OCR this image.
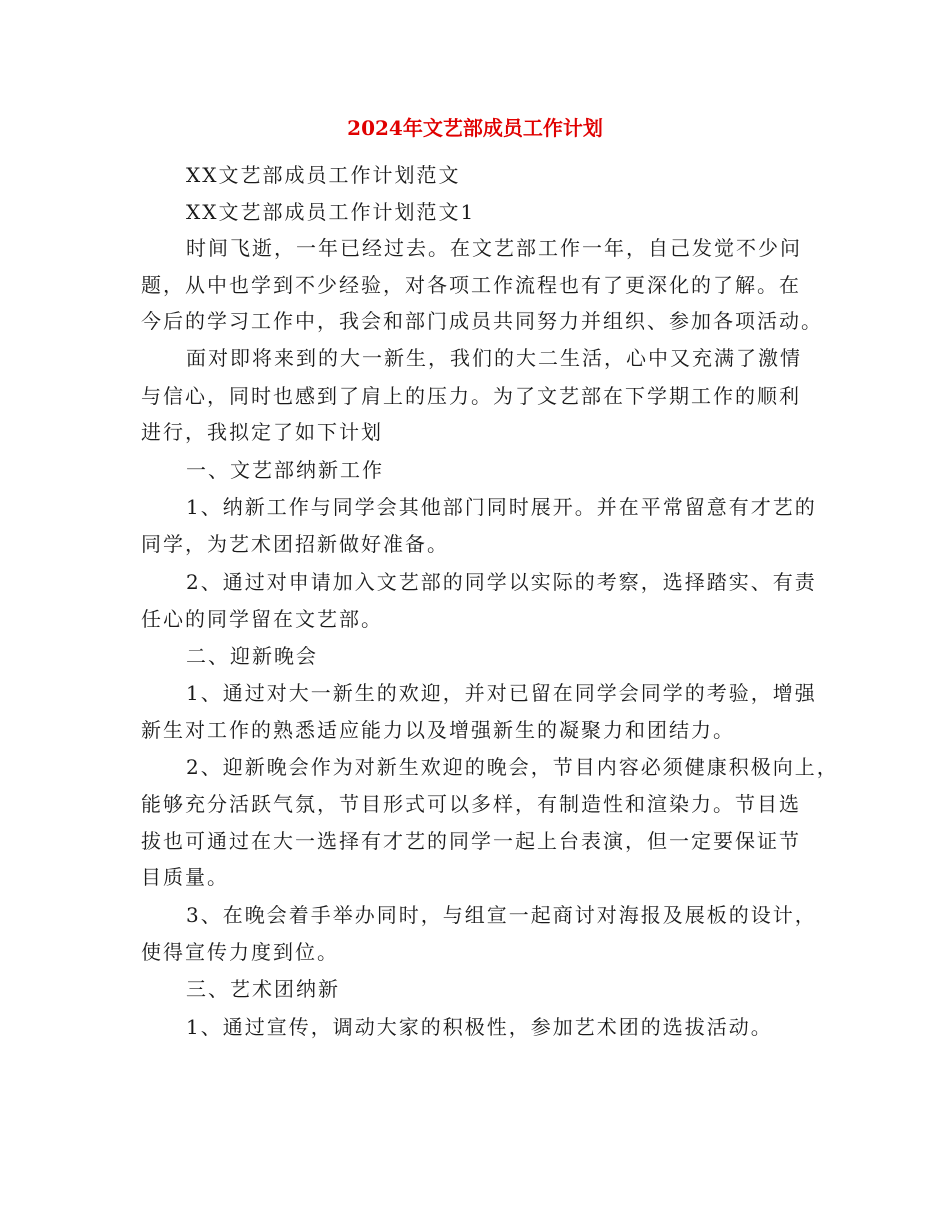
2024年文艺部成员工作计划

XX文艺部成员工作计划范文

XX文艺部成员工作计划范文1

时间飞逝，一年已经过去。在文艺部工作一年，自己发觉不少问

题，从中也学到不少经验，对各项工作流程也有了更深化的了解。在

今后的学习工作中，我会和部门成员共同努力并组织、参加各项活动。

面对即将来到的大一新生，我们的大二生活，心中又充满了激情

与信心，同时也感到了肩上的压力。为了文艺部在下学期工作的顺利

进行，我拟定了如下计划

一、文艺部纳新工作

1、纳新工作与同学会其他部门同时展开。并在平常留意有才艺的

同学，为艺术团招新做好准备。

2、通过对申请加入文艺部的同学以实际的考察，选择踏实、有责

任心的同学留在文艺部。

二、迎新晚会

1、通过对大一新生的欢迎，并对已留在同学会同学的考验，增强

新生对工作的熟悉适应能力以及增强新生的凝聚力和团结力。

2、迎新晚会作为对新生欢迎的晚会，节目内容必须健康积极向上，

能够充分活跃气氛，节目形式可以多样，有制造性和渲染力。节目选

拔也可通过在大一选择有才艺的同学一起上台表演，但一定要保证节

目质量。

3、在晚会着手举办同时，与组宣一起商讨对海报及展板的设计，

使得宣传力度到位。

三、艺术团纳新

1、通过宣传，调动大家的积极性，参加艺术团的选拔活动。
